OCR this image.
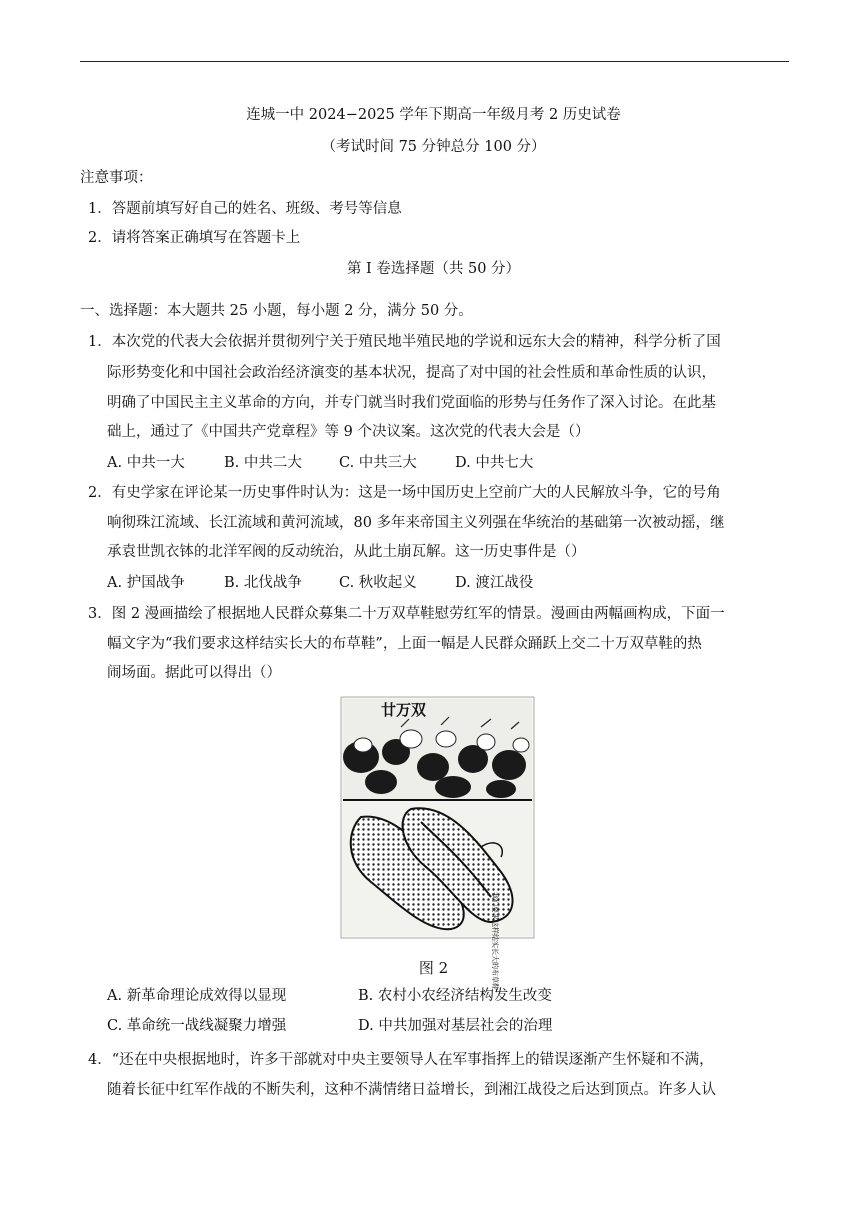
连城一中 2024−2025 学年下期高一年级月考 2 历史试卷
（考试时间 75 分钟总分 100 分）
注意事项：
1．答题前填写好自己的姓名、班级、考号等信息
2．请将答案正确填写在答题卡上
第 I 卷选择题（共 50 分）
一、选择题：本大题共 25 小题，每小题 2 分，满分 50 分。
1．本次党的代表大会依据并贯彻列宁关于殖民地半殖民地的学说和远东大会的精神，科学分析了国
际形势变化和中国社会政治经济演变的基本状况，提高了对中国的社会性质和革命性质的认识，
明确了中国民主主义革命的方向，并专门就当时我们党面临的形势与任务作了深入讨论。在此基
础上，通过了《中国共产党章程》等 9 个决议案。这次党的代表大会是（）
A. 中共一大	B. 中共二大	C. 中共三大	D. 中共七大
2．有史学家在评论某一历史事件时认为：这是一场中国历史上空前广大的人民解放斗争，它的号角
响彻珠江流域、长江流域和黄河流域，80 多年来帝国主义列强在华统治的基础第一次被动摇，继
承袁世凯衣钵的北洋军阀的反动统治，从此土崩瓦解。这一历史事件是（）
A. 护国战争	B. 北伐战争	C. 秋收起义	D. 渡江战役
3．图 2 漫画描绘了根据地人民群众募集二十万双草鞋慰劳红军的情景。漫画由两幅画构成，下面一
幅文字为“我们要求这样结实长大的布草鞋”，上面一幅是人民群众踊跃上交二十万双草鞋的热
闹场面。据此可以得出（）
廿万双
我们要求这样结实长大的布草鞋
图 2
A. 新革命理论成效得以显现	B. 农村小农经济结构发生改变
C. 革命统一战线凝聚力增强	D. 中共加强对基层社会的治理
4．“还在中央根据地时，许多干部就对中央主要领导人在军事指挥上的错误逐渐产生怀疑和不满，
随着长征中红军作战的不断失利，这种不满情绪日益增长，到湘江战役之后达到顶点。许多人认
